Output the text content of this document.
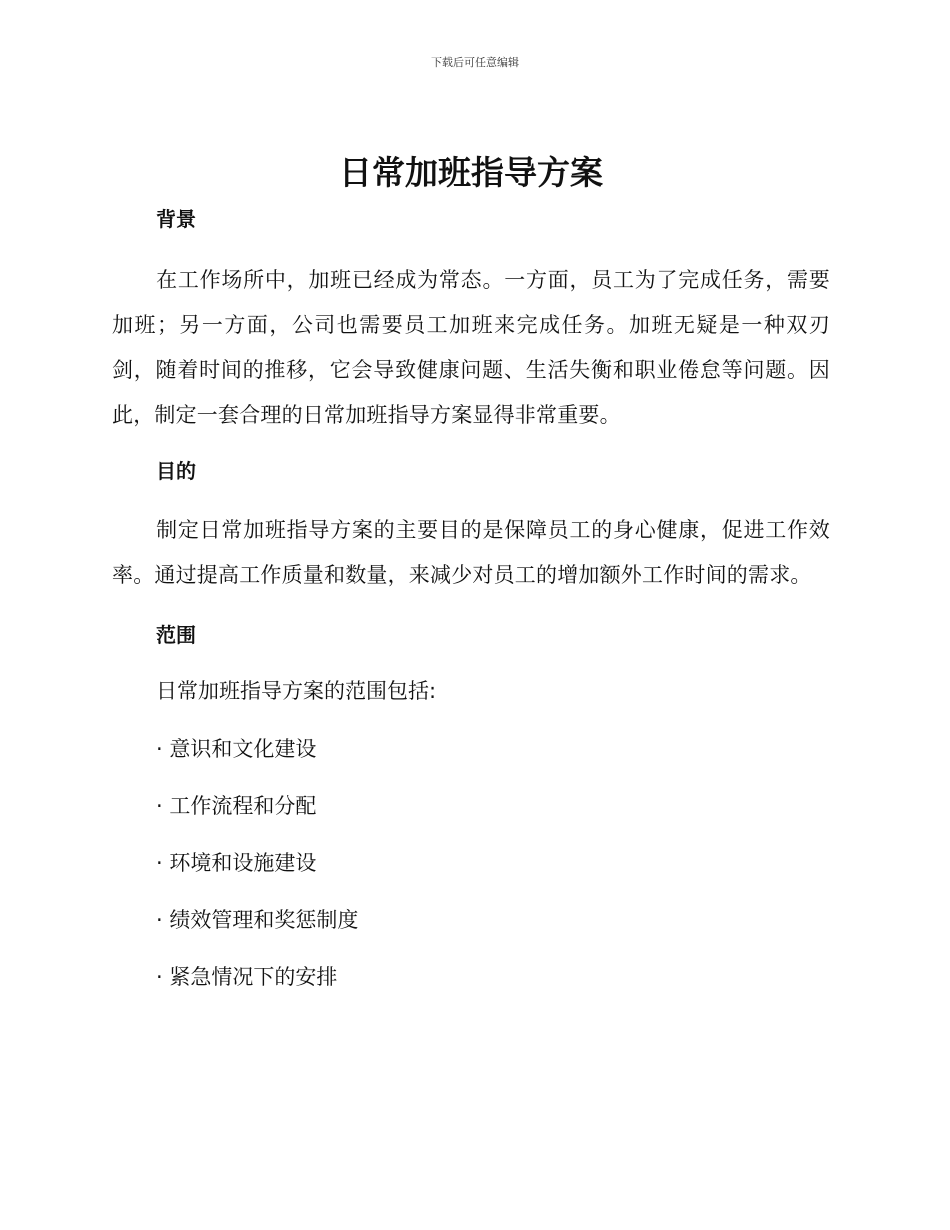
下载后可任意编辑
日常加班指导方案
背景

在工作场所中，加班已经成为常态。一方面，员工为了完成任务，需要加班；另一方面，公司也需要员工加班来完成任务。加班无疑是一种双刃剑，随着时间的推移，它会导致健康问题、生活失衡和职业倦怠等问题。因此，制定一套合理的日常加班指导方案显得非常重要。

目的

制定日常加班指导方案的主要目的是保障员工的身心健康，促进工作效率。通过提高工作质量和数量，来减少对员工的增加额外工作时间的需求。

范围

日常加班指导方案的范围包括:

· 意识和文化建设
· 工作流程和分配
· 环境和设施建设
· 绩效管理和奖惩制度
· 紧急情况下的安排
